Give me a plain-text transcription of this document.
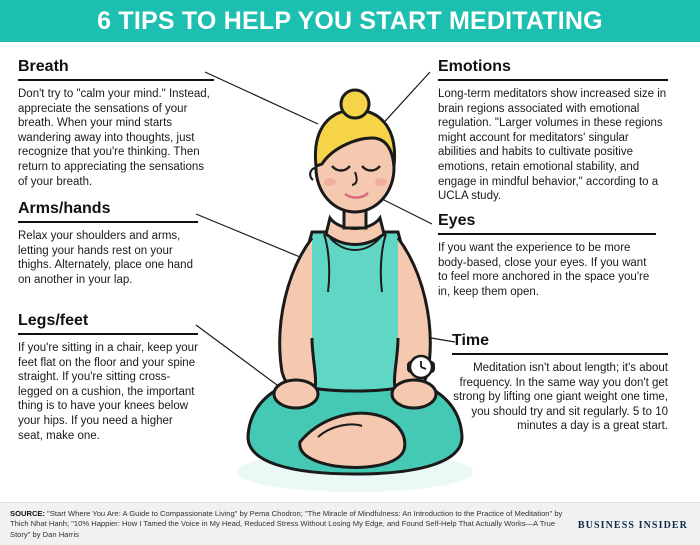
6 TIPS TO HELP YOU START MEDITATING
Breath

Don't try to "calm your mind." Instead, appreciate the sensations of your breath. When your mind starts wandering away into thoughts, just recognize that you're thinking. Then return to appreciating the sensations of your breath.

Arms/hands

Relax your shoulders and arms, letting your hands rest on your thighs. Alternately, place one hand on another in your lap.

Legs/feet

If you're sitting in a chair, keep your feet flat on the floor and your spine straight. If you're sitting cross-legged on a cushion, the important thing is to have your knees below your hips. If you need a higher seat, make one.

Emotions

Long-term meditators show increased size in brain regions associated with emotional regulation. "Larger volumes in these regions might account for meditators' singular abilities and habits to cultivate positive emotions, retain emotional stability, and engage in mindful behavior," according to a UCLA study.

Eyes

If you want the experience to be more body-based, close your eyes. If you want to feel more anchored in the space you're in, keep them open.

Time

Meditation isn't about length; it's about frequency. In the same way you don't get strong by lifting one giant weight one time, you should try and sit regularly. 5 to 10 minutes a day is a great start.

SOURCE: "Start Where You Are: A Guide to Compassionate Living" by Pema Chodron; "The Miracle of Mindfulness: An Introduction to the Practice of Meditation" by Thich Nhat Hanh; "10% Happier: How I Tamed the Voice in My Head, Reduced Stress Without Losing My Edge, and Found Self-Help That Actually Works—A True Story" by Dan Harris
BUSINESS INSIDER
